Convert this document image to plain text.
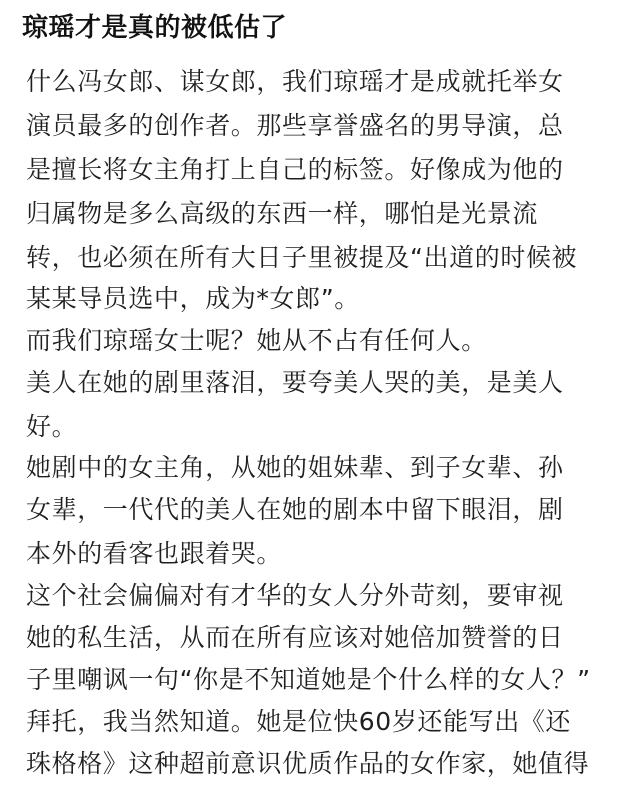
琼瑶才是真的被低估了

什么冯女郎、谋女郎，我们琼瑶才是成就托举女

演员最多的创作者。那些享誉盛名的男导演，总

是擅长将女主角打上自己的标签。好像成为他的

归属物是多么高级的东西一样，哪怕是光景流

转，也必须在所有大日子里被提及“出道的时候被

某某导员选中，成为*女郎”。

而我们琼瑶女士呢？她从不占有任何人。

美人在她的剧里落泪，要夸美人哭的美，是美人

好。

她剧中的女主角，从她的姐妹辈、到子女辈、孙

女辈，一代代的美人在她的剧本中留下眼泪，剧

本外的看客也跟着哭。

这个社会偏偏对有才华的女人分外苛刻，要审视

她的私生活，从而在所有应该对她倍加赞誉的日

子里嘲讽一句“你是不知道她是个什么样的女人？”

拜托，我当然知道。她是位快60岁还能写出《还

珠格格》这种超前意识优质作品的女作家，她值得
